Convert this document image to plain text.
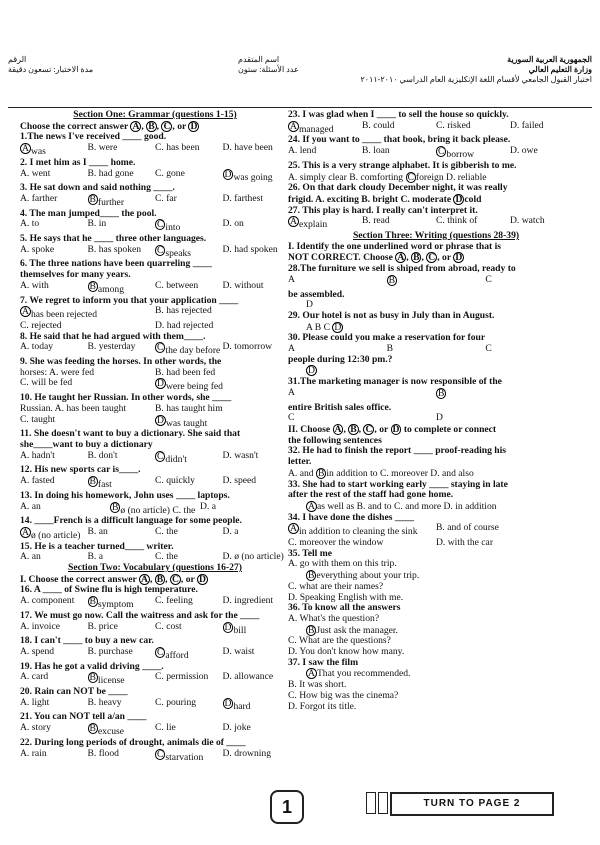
الجمهورية العربية السورية
وزارة التعليم العالي
اختبار القبول الجامعي لأقسام اللغة الإنكليزية العام الدراسي ٢٠١٠-٢٠١١
اسم المتقدم
عدد الأسئلة: ستون
الرقم
مدة الاختبار: تسعون دقيقة
Section One: Grammar (questions 1-15)
Choose the correct answer A , B , C , or D
1.The news I've received ____ good.
A was	B. were	C. has been	D. have been
2. I met him as I ____ home.
A. went	B. had gone	C. gone	D was going
3. He sat down and said nothing ____.
A. farther	B further	C. far	D. farthest
4. The man jumped____ the pool.
A. to	B. in	C into	D. on
5. He says that he ____ three other languages.
A. spoke	B. has spoken	C speaks	D. had spoken
6. The three nations have been quarreling ____
themselves for many years.
A. with	B among	C. between	D. without
7. We regret to inform you that your application ____
A has been rejected	B. has rejected
C. rejected	D. had rejected
8. He said that he had argued with them____.
A. today	B. yesterday	C the day before D. tomorrow
9. She was feeding the horses. In other words, the
horses: A. were fed	B. had been fed
C. will be fed	D were being fed
10. He taught her Russian. In other words, she ____
Russian. A. has been taught	B. has taught him
C. taught	D was taught
11. She doesn't want to buy a dictionary. She said that
she____want to buy a dictionary
A. hadn't	B. don't	C didn't	D. wasn't
12. His new sports car is____.
A. fasted	B fast	C. quickly	D. speed
13. In doing his homework, John uses ____ laptops.
A. an	B ø (no article) C. the D. a
14. ____French is a difficult language for some people.
A ø (no article) B. an	C. the	D. a
15. He is a teacher turned____ writer.
A. an	B. a	C. the	D. ø (no article)
Section Two: Vocabulary (questions 16-27)
I. Choose the correct answer A , B , C , or D
16. A ____ of Swine flu is high temperature.
A. component	B symptom	C. feeling	D. ingredient
17. We must go now. Call the waitress and ask for the ____
A. invoice	B. price	C. cost	D bill
18. I can't ____ to buy a new car.
A. spend	B. purchase	C afford	D. waist
19. Has he got a valid driving ____.
A. card	B license	C. permission	D. allowance
20. Rain can NOT be ____
A. light	B. heavy	C. pouring	D hard
21. You can NOT tell a/an ____
A. story	B excuse	C. lie	D. joke
22. During long periods of drought, animals die of ____
A. rain	B. flood	C starvation	D. drowning
23. I was glad when I ____ to sell the house so quickly.
A managed	B. could	C. risked	D. failed
24. If you want to ____ that book, bring it back please.
A. lend	B. loan	C borrow	D. owe
25. This is a very strange alphabet. It is gibberish to me.
A. simply clear B. comforting C foreign D. reliable
26. On that dark cloudy December night, it was really
frigid. A. exciting B. bright C. moderate D cold
27. This play is hard. I really can't interpret it.
A explain	B. read	C. think of	D. watch
Section Three: Writing (questions 28-39)
I. Identify the one underlined word or phrase that is
NOT CORRECT. Choose A , B , C , or D
28.The furniture we sell is shiped from abroad, ready to
A	B	C
be assembled.
D
29. Our hotel is not as busy in July than in August.
A B C D
30. Please could you make a reservation for four
A	B	C
people during 12:30 pm.?
D
31.The marketing manager is now responsible of the
A	B
entire British sales office.
C	D
II. Choose A , B , C , or D to complete or connect
the following sentences
32. He had to finish the report ____ proof-reading his
letter.
A. and B in addition to C. moreover D. and also
33. She had to start working early ____ staying in late
after the rest of the staff had gone home.
A as well as B. and to C. and more D. in addition
34. I have done the dishes ____
A in addition to cleaning the sink	B. and of course
C. moreover the window	D. with the car
35. Tell me
A. go with them on this trip.
B everything about your trip.
C. what are their names?
D. Speaking English with me.
36. To know all the answers
A. What's the question?
B Just ask the manager.
C. What are the questions?
D. You don't know how many.
37. I saw the film
A That you recommended.
B. It was short.
C. How big was the cinema?
D. Forgot its title.
1	TURN TO PAGE 2
